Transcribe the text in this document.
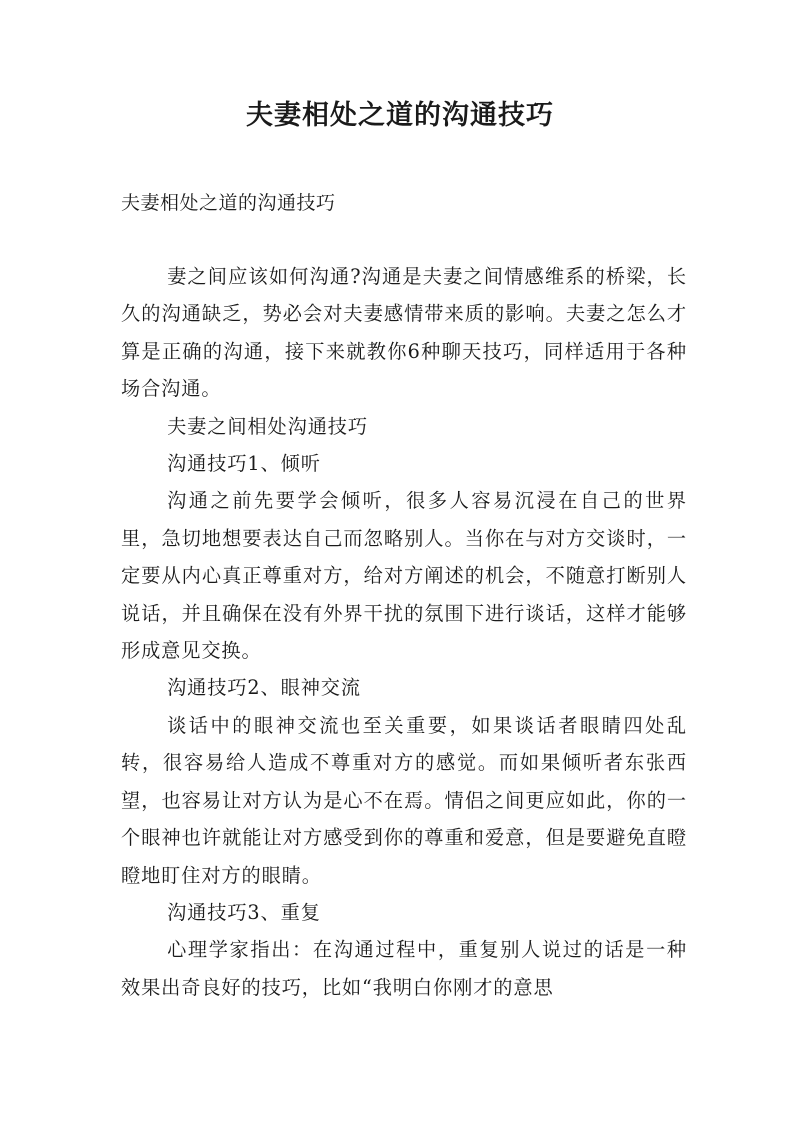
夫妻相处之道的沟通技巧
夫妻相处之道的沟通技巧

妻之间应该如何沟通?沟通是夫妻之间情感维系的桥梁，长久的沟通缺乏，势必会对夫妻感情带来质的影响。夫妻之怎么才算是正确的沟通，接下来就教你6种聊天技巧，同样适用于各种场合沟通。

夫妻之间相处沟通技巧

沟通技巧1、倾听

沟通之前先要学会倾听，很多人容易沉浸在自己的世界里，急切地想要表达自己而忽略别人。当你在与对方交谈时，一定要从内心真正尊重对方，给对方阐述的机会，不随意打断别人说话，并且确保在没有外界干扰的氛围下进行谈话，这样才能够形成意见交换。

沟通技巧2、眼神交流

谈话中的眼神交流也至关重要，如果谈话者眼睛四处乱转，很容易给人造成不尊重对方的感觉。而如果倾听者东张西望，也容易让对方认为是心不在焉。情侣之间更应如此，你的一个眼神也许就能让对方感受到你的尊重和爱意，但是要避免直瞪瞪地盯住对方的眼睛。

沟通技巧3、重复

心理学家指出：在沟通过程中，重复别人说过的话是一种效果出奇良好的技巧，比如“我明白你刚才的意思
